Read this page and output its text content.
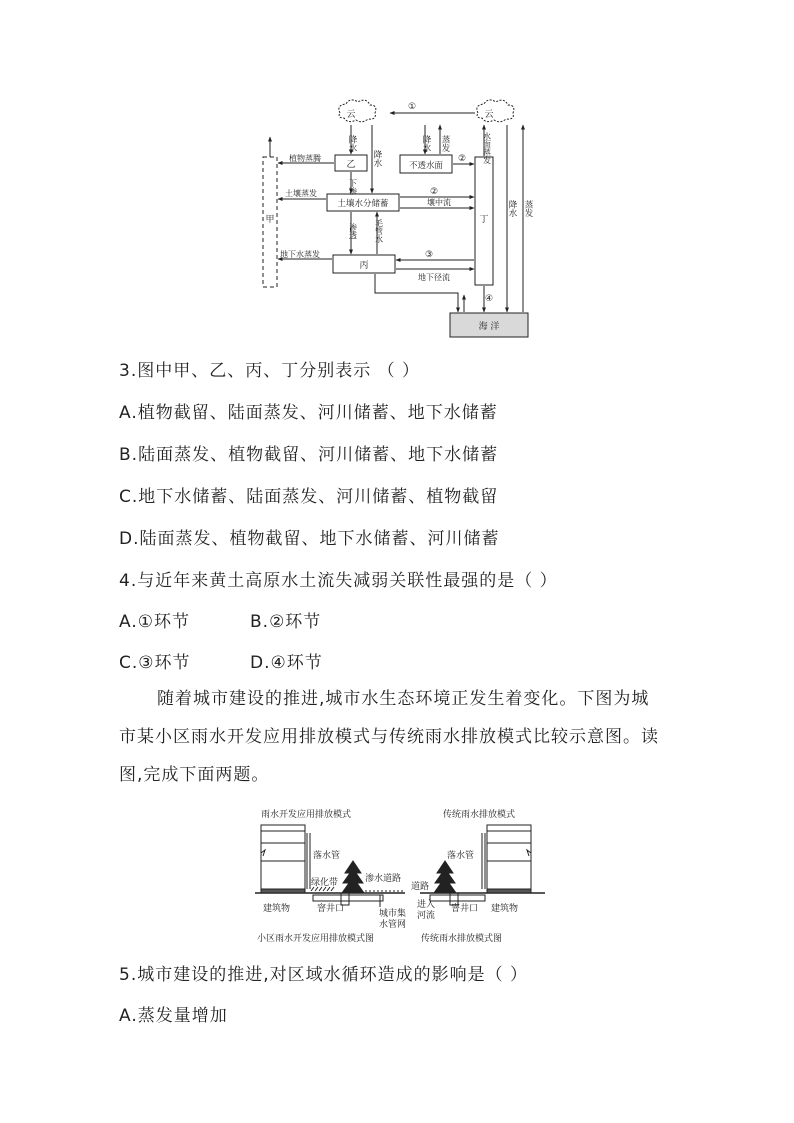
云	云
①
水面蒸发
降水
降水
降水 蒸发
降水 蒸发
植物蒸腾
乙	不透水面
②
下渗
土壤蒸发
土壤水分储蓄
②
壤中流
甲	丁
渗透 毛管水
地下水蒸发
丙
③
地下径流
④
海 洋
3.图中甲、乙、丙、丁分别表示 （ ）
A.植物截留、陆面蒸发、河川储蓄、地下水储蓄
B.陆面蒸发、植物截留、河川储蓄、地下水储蓄
C.地下水储蓄、陆面蒸发、河川储蓄、植物截留
D.陆面蒸发、植物截留、地下水储蓄、河川储蓄
4.与近年来黄土高原水土流失减弱关联性最强的是（ ）
A.①环节	B.②环节
C.③环节	D.④环节
随着城市建设的推进,城市水生态环境正发生着变化。下图为城
市某小区雨水开发应用排放模式与传统雨水排放模式比较示意图。读
图,完成下面两题。
雨水开发应用排放模式	传统雨水排放模式
落水管	落水管
绿化带	渗水道路
道路
建筑物	建筑物
窨井口	窨井口
城市集
水管网
进入
河流
小区雨水开发应用排放模式图	传统雨水排放模式图
5.城市建设的推进,对区域水循环造成的影响是（ ）
A.蒸发量增加
